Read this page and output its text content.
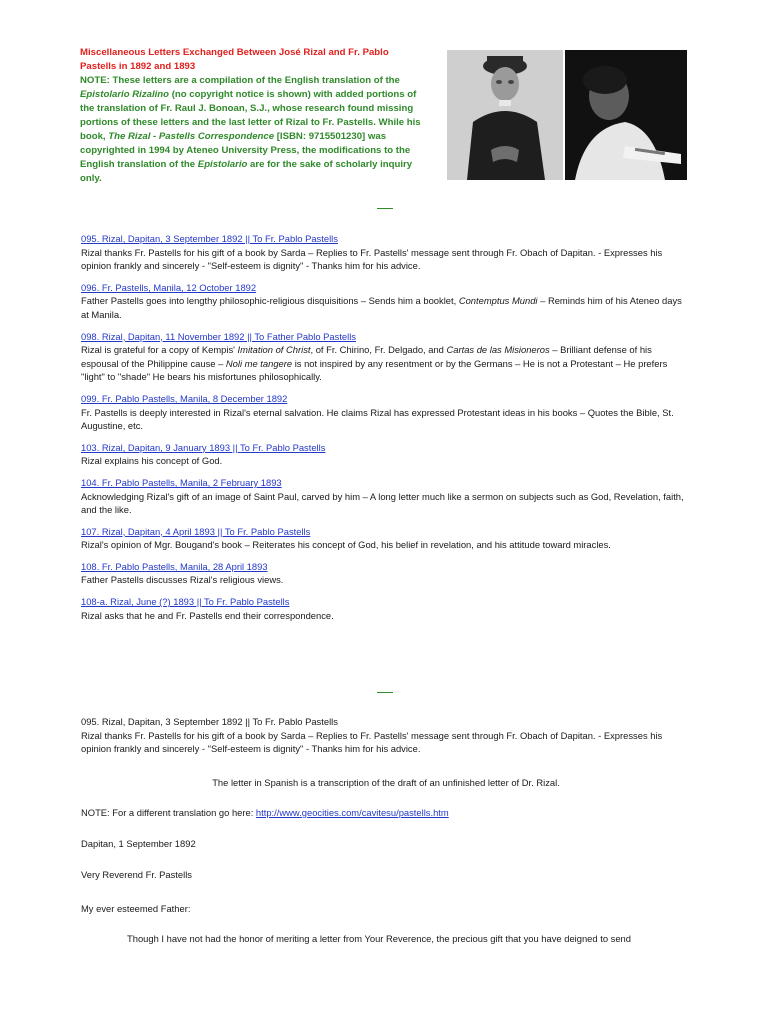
Miscellaneous Letters Exchanged Between José Rizal and Fr. Pablo Pastells in 1892 and 1893
NOTE: These letters are a compilation of the English translation of the Epistolario Rizalino (no copyright notice is shown) with added portions of the translation of Fr. Raul J. Bonoan, S.J., whose research found missing portions of these letters and the last letter of Rizal to Fr. Pastells. While his book, The Rizal - Pastells Correspondence [ISBN: 9715501230] was copyrighted in 1994 by Ateneo University Press, the modifications to the English translation of the Epistolario are for the sake of scholarly inquiry only.
095. Rizal, Dapitan, 3 September 1892 || To Fr. Pablo Pastells
Rizal thanks Fr. Pastells for his gift of a book by Sarda – Replies to Fr. Pastells' message sent through Fr. Obach of Dapitan. - Expresses his opinion frankly and sincerely - "Self-esteem is dignity" - Thanks him for his advice.
096. Fr. Pastells, Manila, 12 October 1892
Father Pastells goes into lengthy philosophic-religious disquisitions – Sends him a booklet, Contemptus Mundi – Reminds him of his Ateneo days at Manila.
098. Rizal, Dapitan, 11 November 1892 || To Father Pablo Pastells
Rizal is grateful for a copy of Kempis' Imitation of Christ, of Fr. Chirino, Fr. Delgado, and Cartas de las Misioneros – Brilliant defense of his espousal of the Philippine cause – Noli me tangere is not inspired by any resentment or by the Germans – He is not a Protestant – He prefers "light" to "shade" He bears his misfortunes philosophically.
099. Fr. Pablo Pastells, Manila, 8 December 1892
Fr. Pastells is deeply interested in Rizal's eternal salvation. He claims Rizal has expressed Protestant ideas in his books – Quotes the Bible, St. Augustine, etc.
103. Rizal, Dapitan, 9 January 1893 || To Fr. Pablo Pastells
Rizal explains his concept of God.
104. Fr. Pablo Pastells, Manila, 2 February 1893
Acknowledging Rizal's gift of an image of Saint Paul, carved by him – A long letter much like a sermon on subjects such as God, Revelation, faith, and the like.
107. Rizal, Dapitan, 4 April 1893 || To Fr. Pablo Pastells
Rizal's opinion of Mgr. Bougand's book – Reiterates his concept of God, his belief in revelation, and his attitude toward miracles.
108. Fr. Pablo Pastells, Manila, 28 April 1893
Father Pastells discusses Rizal's religious views.
108-a. Rizal, June (?) 1893 || To Fr. Pablo Pastells
Rizal asks that he and Fr. Pastells end their correspondence.
095. Rizal, Dapitan, 3 September 1892 || To Fr. Pablo Pastells
Rizal thanks Fr. Pastells for his gift of a book by Sarda – Replies to Fr. Pastells' message sent through Fr. Obach of Dapitan. - Expresses his opinion frankly and sincerely - "Self-esteem is dignity" - Thanks him for his advice.
The letter in Spanish is a transcription of the draft of an unfinished letter of Dr. Rizal.
NOTE: For a different translation go here: http://www.geocities.com/cavitesu/pastells.htm
Dapitan, 1 September 1892
Very Reverend Fr. Pastells
My ever esteemed Father:
Though I have not had the honor of meriting a letter from Your Reverence, the precious gift that you have deigned to send
